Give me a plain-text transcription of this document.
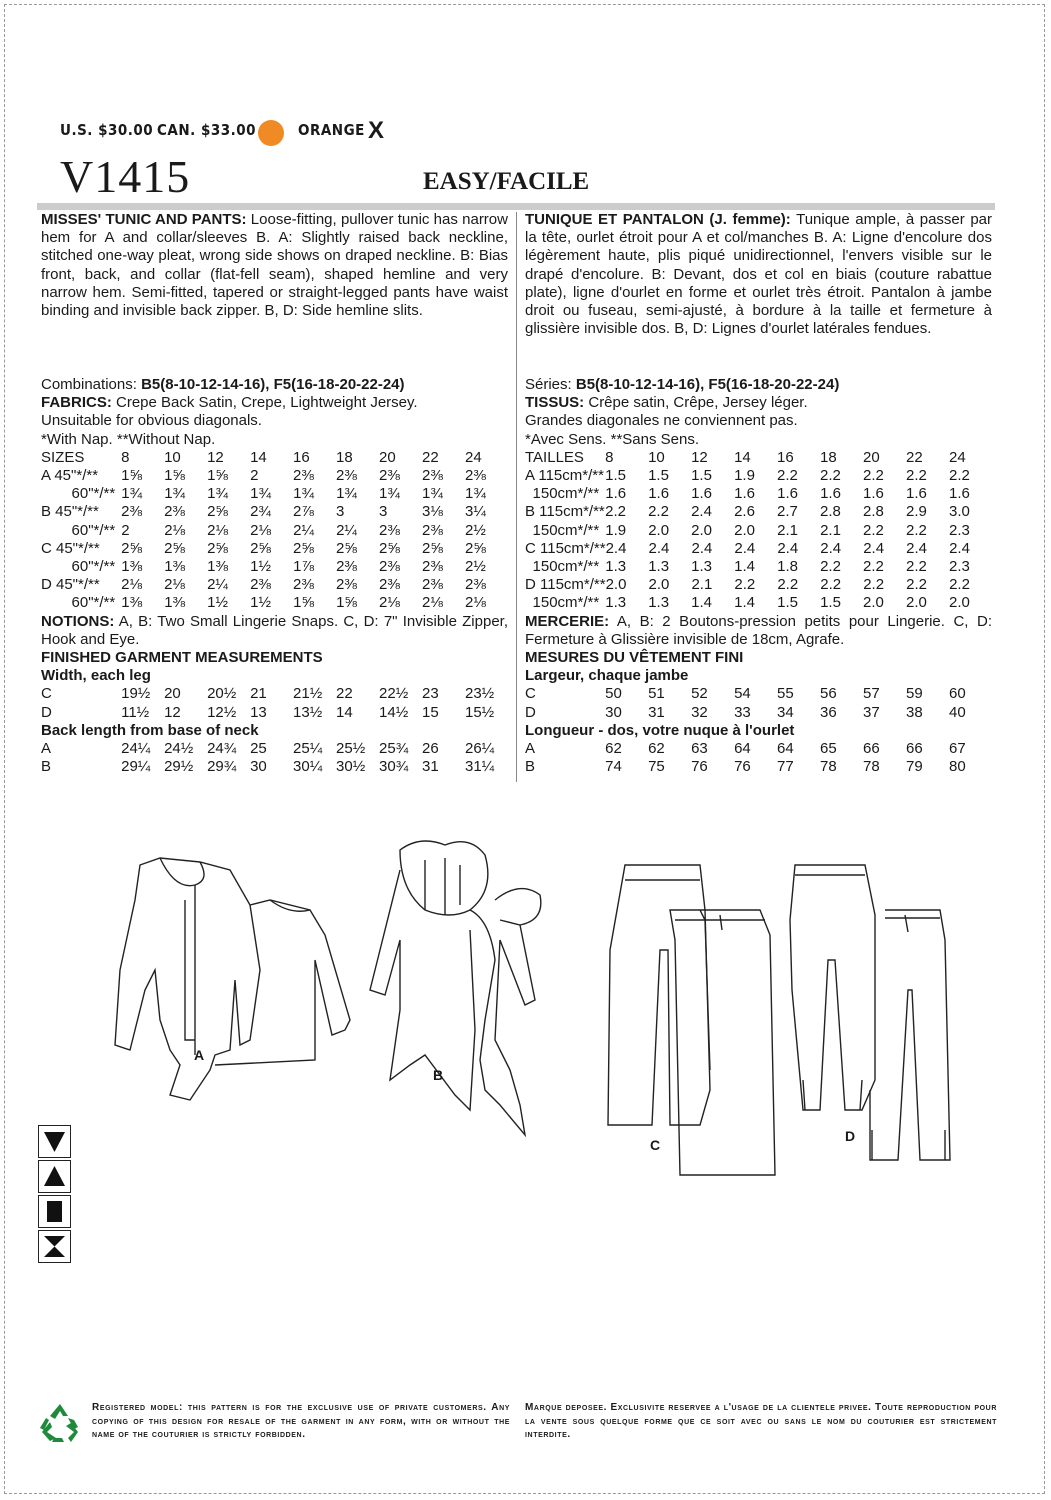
U.S. $30.00 CAN. $33.00	ORANGE X
V1415	EASY/FACILE
MISSES' TUNIC AND PANTS: Loose-fitting, pullover tunic has narrow hem for A and collar/sleeves B. A: Slightly raised back neckline, stitched one-way pleat, wrong side shows on draped neckline. B: Bias front, back, and collar (flat-fell seam), shaped hemline and very narrow hem. Semi-fitted, tapered or straight-legged pants have waist binding and invisible back zipper. B, D: Side hemline slits.
Combinations: B5(8-10-12-14-16), F5(16-18-20-22-24)
FABRICS: Crepe Back Satin, Crepe, Lightweight Jersey.
Unsuitable for obvious diagonals.
*With Nap. **Without Nap.
SIZES	8	10	12	14	16	18	20	22	24
A 45"*/**	1⅝	1⅝	1⅝	2	2⅜	2⅜	2⅜	2⅜	2⅜
60"*/** 1¾	1¾	1¾	1¾	1¾	1¾	1¾	1¾	1¾
B 45"*/**	2⅜	2⅜	2⅝	2¾	2⅞	3	3	3⅛	3¼
60"*/** 2	2⅛	2⅛	2⅛	2¼	2¼	2⅜	2⅜	2½
C 45"*/**	2⅝	2⅝	2⅝	2⅝	2⅝	2⅝	2⅝	2⅝	2⅝
60"*/** 1⅜	1⅜	1⅜	1½	1⅞	2⅜	2⅜	2⅜	2½
D 45"*/**	2⅛	2⅛	2¼	2⅜	2⅜	2⅜	2⅜	2⅜	2⅜
60"*/** 1⅜	1⅜	1½	1½	1⅝	1⅝	2⅛	2⅛	2⅛
NOTIONS: A, B: Two Small Lingerie Snaps. C, D: 7" Invisible Zipper, Hook and Eye.
FINISHED GARMENT MEASUREMENTS
Width, each leg
C	19½ 20	20½ 21	21½ 22	22½ 23	23½
D	11½ 12	12½ 13	13½ 14	14½ 15	15½
Back length from base of neck
A	24¼ 24½ 24¾ 25	25¼ 25½ 25¾ 26	26¼
B	29¼ 29½ 29¾ 30	30¼ 30½ 30¾ 31	31¼
TUNIQUE ET PANTALON (J. femme): Tunique ample, à passer par la tête, ourlet étroit pour A et col/manches B. A: Ligne d'encolure dos légèrement haute, plis piqué unidirectionnel, l'envers visible sur le drapé d'encolure. B: Devant, dos et col en biais (couture rabattue plate), ligne d'ourlet en forme et ourlet très étroit. Pantalon à jambe droit ou fuseau, semi-ajusté, à bordure à la taille et fermeture à glissière invisible dos. B, D: Lignes d'ourlet latérales fendues.
Séries: B5(8-10-12-14-16), F5(16-18-20-22-24)
TISSUS: Crêpe satin, Crêpe, Jersey léger.
Grandes diagonales ne conviennent pas.
*Avec Sens. **Sans Sens.
TAILLES	8	10	12	14	16	18	20	22	24
A 115cm*/** 1.5	1.5	1.5	1.9	2.2	2.2	2.2	2.2	2.2
150cm*/** 1.6	1.6	1.6	1.6	1.6	1.6	1.6	1.6	1.6
B 115cm*/** 2.2	2.2	2.4	2.6	2.7	2.8	2.8	2.9	3.0
150cm*/** 1.9	2.0	2.0	2.0	2.1	2.1	2.2	2.2	2.3
C 115cm*/** 2.4	2.4	2.4	2.4	2.4	2.4	2.4	2.4	2.4
150cm*/** 1.3	1.3	1.3	1.4	1.8	2.2	2.2	2.2	2.3
D 115cm*/** 2.0	2.0	2.1	2.2	2.2	2.2	2.2	2.2	2.2
150cm*/** 1.3	1.3	1.4	1.4	1.5	1.5	2.0	2.0	2.0
MERCERIE: A, B: 2 Boutons-pression petits pour Lingerie. C, D: Fermeture à Glissière invisible de 18cm, Agrafe.
MESURES DU VÊTEMENT FINI
Largeur, chaque jambe
C	50	51	52	54	55	56	57	59	60
D	30	31	32	33	34	36	37	38	40
Longueur - dos, votre nuque à l'ourlet
A	62	62	63	64	64	65	66	66	67
B	74	75	76	76	77	78	78	79	80
A
B
C
D
Registered model: this pattern is for the exclusive use of private customers. Any copying of this design for resale of the garment in any form, with or without the name of the couturier is strictly forbidden.
Marque deposee. Exclusivite reservee a l'usage de la clientele privee. Toute reproduction pour la vente sous quelque forme que ce soit avec ou sans le nom du couturier est strictement interdite.
